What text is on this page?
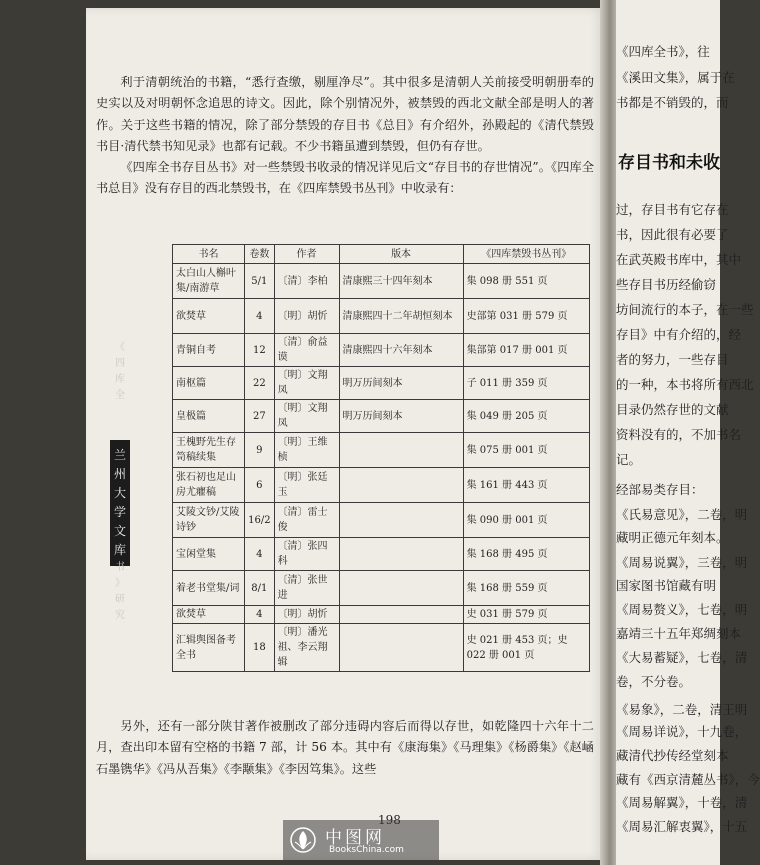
《四库全书》，往
《溪田文集》，属于在
书都是不销毁的，而
过，存目书有它存在
书，因此很有必要了
在武英殿书库中，其中
些存目书历经偷窃
坊间流行的本子，在一些
存目》中有介绍的，经
者的努力，一些存目
的一种，本书将所有西北
目录仍然存世的文献
资料没有的，不加书名
记。
经部易类存目：
《氏易意见》，二卷，明
藏明正德元年刻本。
《周易说翼》，三卷，明
国家图书馆藏有明
《周易赘义》，七卷，明
嘉靖三十五年郑绸刻本
《大易蓄疑》，七卷，清
卷，不分卷。
《易象》，二卷，清王明
《周易详说》，十九卷，
藏清代抄传经堂刻本
藏有《西京清麓丛书》，今
《周易解翼》，十卷，清
《周易汇解衷翼》，十五
存目书和未收

利于清朝统治的书籍，“悉行查缴，剔厘净尽”。其中很多是清朝人关前接受明朝册奉的史实以及对明朝怀念追思的诗文。因此，除个别情况外，被禁毁的西北文献全部是明人的著作。关于这些书籍的情况，除了部分禁毁的存目书《总目》有介绍外，孙殿起的《清代禁毁书目·清代禁书知见录》也都有记载。不少书籍虽遭到禁毁，但仍有存世。

《四库全书存目丛书》对一些禁毁书收录的情况详见后文“存目书的存世情况”。《四库全书总目》没有存目的西北禁毁书，在《四库禁毁书丛刊》中收录有：

书名	卷数	作者	版本	《四库禁毁书丛刊》
太白山人槲叶集/南游草	5/1	〔清〕李柏	清康熙三十四年刻本	集 098 册 551 页
欲焚草	4	〔明〕胡忻	清康熙四十二年胡恒刻本	史部第 031 册 579 页
青铜自考	12	〔清〕俞益谟	清康熙四十六年刻本	集部第 017 册 001 页
南枢篇	22	〔明〕文翔凤	明万历间刻本	子 011 册 359 页
皇极篇	27	〔明〕文翔凤	明万历间刻本	集 049 册 205 页
王槐野先生存笥稿续集	9	〔明〕王维桢		集 075 册 001 页
张石初也足山房尤癯稿	6	〔明〕张廷玉		集 161 册 443 页
艾陵文钞/艾陵诗钞	16/2	〔清〕雷士俊		集 090 册 001 页
宝闲堂集	4	〔清〕张四科		集 168 册 495 页
着老书堂集/词	8/1	〔清〕张世进		集 168 册 559 页
欲焚草	4	〔明〕胡忻		史 031 册 579 页
汇辑舆图备考全书	18	〔明〕潘光祖、李云翔辑		史 021 册 453 页；史 022 册 001 页

另外，还有一部分陕甘著作被删改了部分违碍内容后而得以存世，如乾隆四十六年十二月，查出印本留有空格的书籍 7 部，计 56 本。其中有《康海集》《马理集》《杨爵集》《赵崡石墨镌华》《冯从吾集》《李颙集》《李因笃集》。这些

《
四
库
全
兰
州
大
学
文
库
书
》
研
究
中图网
BooksChina.com
